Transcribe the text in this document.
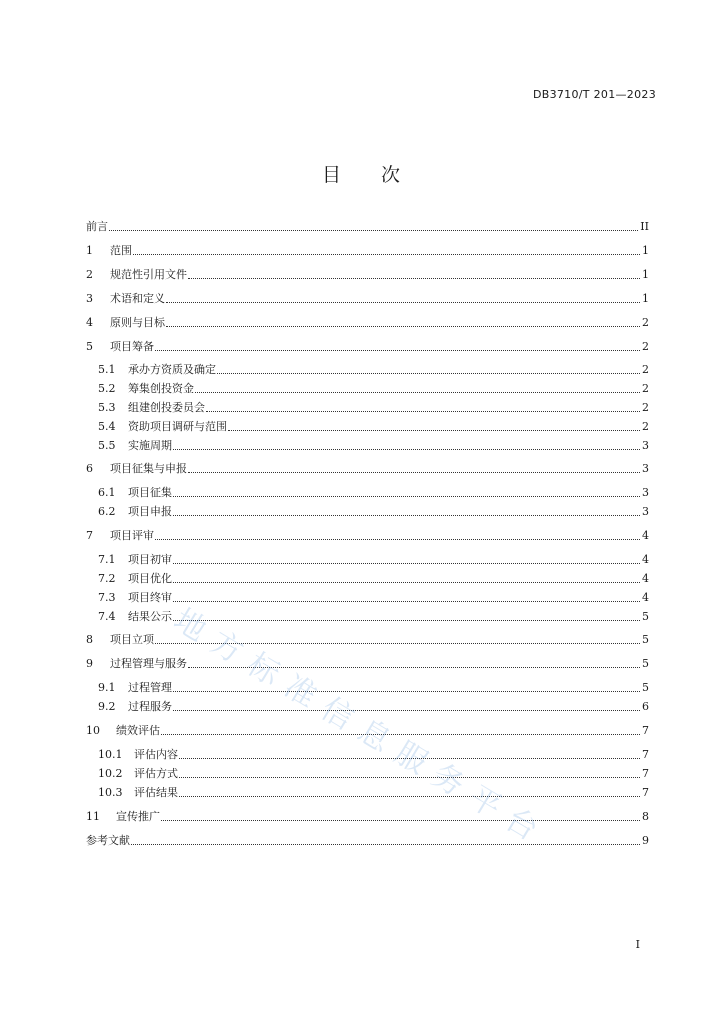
DB3710/T 201—2023
目 次
前言	II
1	范围	1
2	规范性引用文件	1
3	术语和定义	1
4	原则与目标	2
5	项目筹备	2
5.1	承办方资质及确定	2
5.2	筹集创投资金	2
5.3	组建创投委员会	2
5.4	资助项目调研与范围	2
5.5	实施周期	3
6	项目征集与申报	3
6.1	项目征集	3
6.2	项目申报	3
7	项目评审	4
7.1	项目初审	4
7.2	项目优化	4
7.3	项目终审	4
7.4	结果公示	5
8	项目立项	5
9	过程管理与服务	5
9.1	过程管理	5
9.2	过程服务	6
10	绩效评估	7
10.1	评估内容	7
10.2	评估方式	7
10.3	评估结果	7
11	宣传推广	8
参考文献	9
地方标准信息服务平台
I
